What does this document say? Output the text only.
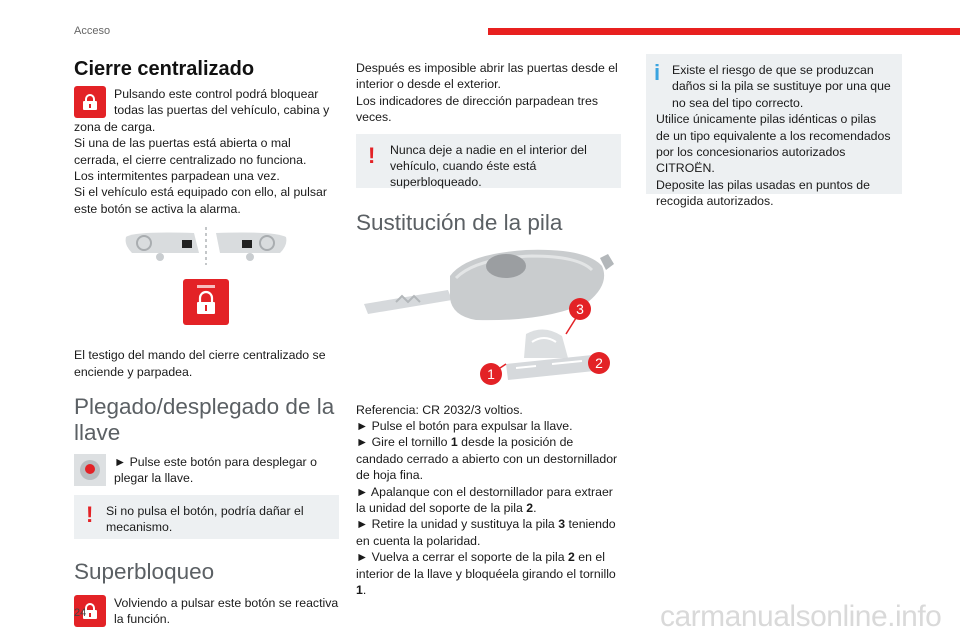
Acceso
Cierre centralizado

Pulsando este control podrá bloquear todas las puertas del vehículo, cabina y zona de carga.

Si una de las puertas está abierta o mal cerrada, el cierre centralizado no funciona.

Los intermitentes parpadean una vez.

Si el vehículo está equipado con ello, al pulsar este botón se activa la alarma.

El testigo del mando del cierre centralizado se enciende y parpadea.

Plegado/desplegado de la llave

► Pulse este botón para desplegar o plegar la llave.

!	Si no pulsa el botón, podría dañar el mecanismo.

Superbloqueo

Volviendo a pulsar este botón se reactiva la función.

Después es imposible abrir las puertas desde el interior o desde el exterior.

Los indicadores de dirección parpadean tres veces.

!	Nunca deje a nadie en el interior del vehículo, cuando éste está superbloqueado.

Sustitución de la pila
1
2
3

Referencia: CR 2032/3 voltios.

► Pulse el botón para expulsar la llave.

► Gire el tornillo 1 desde la posición de candado cerrado a abierto con un destornillador de hoja fina.

► Apalanque con el destornillador para extraer la unidad del soporte de la pila 2.

► Retire la unidad y sustituya la pila 3 teniendo en cuenta la polaridad.

► Vuelva a cerrar el soporte de la pila 2 en el interior de la llave y bloquéela girando el tornillo 1.

i Existe el riesgo de que se produzcan daños si la pila se sustituye por una que no sea del tipo correcto.

Utilice únicamente pilas idénticas o pilas de un tipo equivalente a los recomendados por los concesionarios autorizados CITROËN.

Deposite las pilas usadas en puntos de recogida autorizados.

24	carmanualsonline.info
